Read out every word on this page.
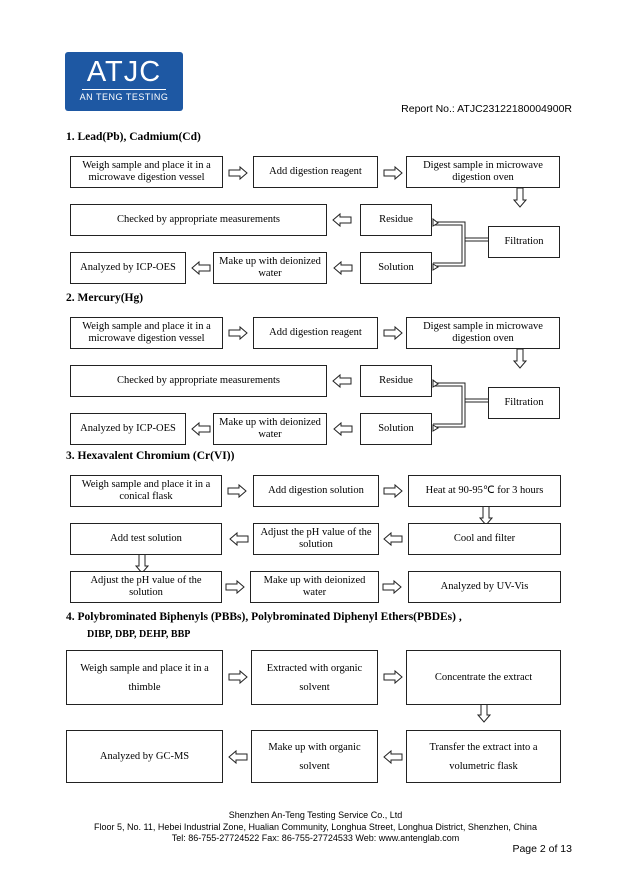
ATJC
AN TENG TESTING
Report No.: ATJC23122180004900R
1. Lead(Pb), Cadmium(Cd)
Weigh sample and place it in a microwave digestion vessel
Add digestion reagent
Digest sample in microwave digestion oven
Checked by appropriate measurements	Residue
Filtration
Analyzed by ICP-OES
Make up with deionized water
Solution
2. Mercury(Hg)
Weigh sample and place it in a microwave digestion vessel
Add digestion reagent
Digest sample in microwave digestion oven
Checked by appropriate measurements	Residue
Filtration
Analyzed by ICP-OES
Make up with deionized water
Solution
3. Hexavalent Chromium (Cr(VI))
Weigh sample and place it in a conical flask
Add digestion solution	Heat at 90-95℃ for 3 hours
Add test solution
Adjust the pH value of the solution
Cool and filter
Adjust the pH value of the solution
Make up with deionized water
Analyzed by UV-Vis
4. Polybrominated Biphenyls (PBBs), Polybrominated Diphenyl Ethers(PBDEs) ,
DIBP, DBP, DEHP, BBP
Weigh sample and place it in a thimble
Extracted with organic solvent
Concentrate the extract
Analyzed by GC-MS
Make up with organic solvent
Transfer the extract into a volumetric flask
Shenzhen An-Teng Testing Service Co., Ltd
Floor 5, No. 11, Hebei Industrial Zone, Hualian Community, Longhua Street, Longhua District, Shenzhen, China
Tel: 86-755-27724522 Fax: 86-755-27724533 Web: www.antenglab.com
Page 2 of 13
